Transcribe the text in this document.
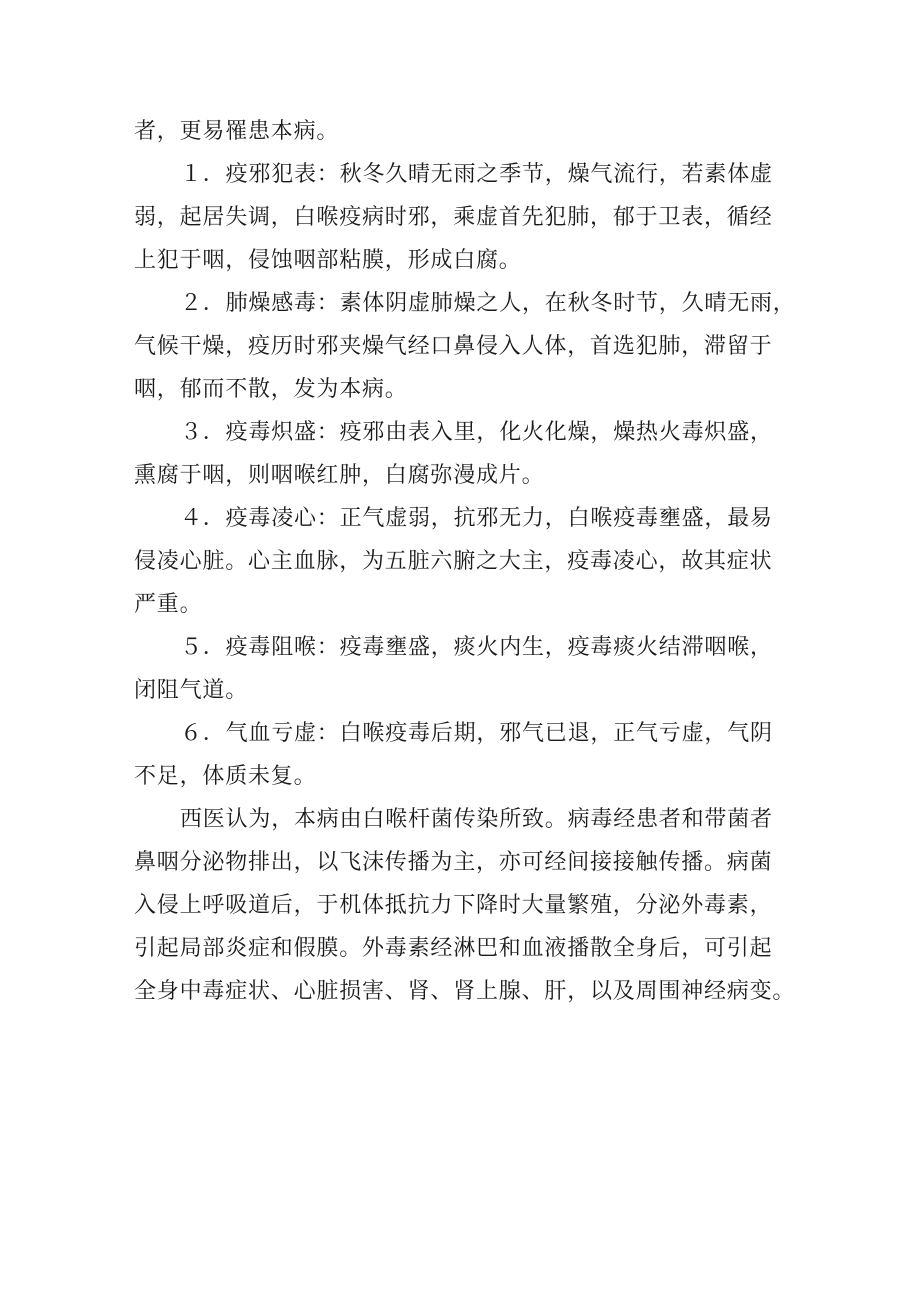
者，更易罹患本病。
１．疫邪犯表：秋冬久晴无雨之季节，燥气流行，若素体虚
弱，起居失调，白喉疫病时邪，乘虚首先犯肺，郁于卫表，循经
上犯于咽，侵蚀咽部粘膜，形成白腐。
２．肺燥感毒：素体阴虚肺燥之人，在秋冬时节，久晴无雨，
气候干燥，疫历时邪夹燥气经口鼻侵入人体，首选犯肺，滞留于
咽，郁而不散，发为本病。
３．疫毒炽盛：疫邪由表入里，化火化燥，燥热火毒炽盛，
熏腐于咽，则咽喉红肿，白腐弥漫成片。
４．疫毒凌心：正气虚弱，抗邪无力，白喉疫毒壅盛，最易
侵凌心脏。心主血脉，为五脏六腑之大主，疫毒凌心，故其症状
严重。
５．疫毒阻喉：疫毒壅盛，痰火内生，疫毒痰火结滞咽喉，
闭阻气道。
６．气血亏虚：白喉疫毒后期，邪气已退，正气亏虚，气阴
不足，体质未复。
西医认为，本病由白喉杆菌传染所致。病毒经患者和带菌者
鼻咽分泌物排出，以飞沫传播为主，亦可经间接接触传播。病菌
入侵上呼吸道后，于机体抵抗力下降时大量繁殖，分泌外毒素，
引起局部炎症和假膜。外毒素经淋巴和血液播散全身后，可引起
全身中毒症状、心脏损害、肾、肾上腺、肝，以及周围神经病变。
